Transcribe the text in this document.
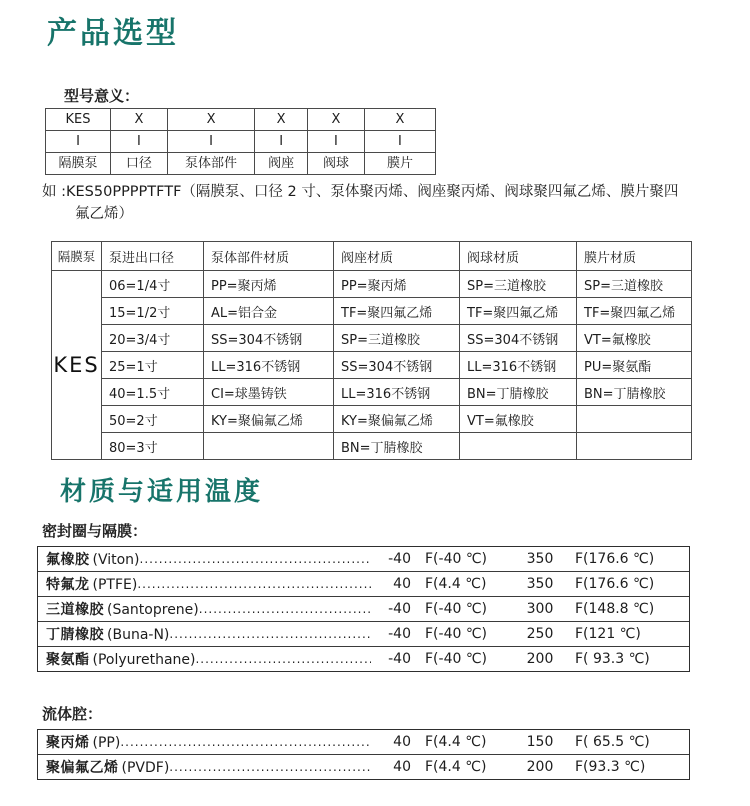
产品选型
型号意义：
KES	X	X	X	X	X
I	I	I	I	I	I
隔膜泵	口径	泵体部件	阀座	阀球	膜片
如 :KES50PPPPTFTF（隔膜泵、口径 2 寸、泵体聚丙烯、阀座聚丙烯、阀球聚四氟乙烯、膜片聚四氟乙烯）
隔膜泵	泵进出口径	泵体部件材质	阀座材质	阀球材质	膜片材质
KES	06=1/4寸	PP=聚丙烯	PP=聚丙烯	SP=三道橡胶	SP=三道橡胶
	15=1/2寸	AL=铝合金	TF=聚四氟乙烯	TF=聚四氟乙烯	TF=聚四氟乙烯
	20=3/4寸	SS=304不锈钢	SP=三道橡胶	SS=304不锈钢	VT=氟橡胶
	25=1寸	LL=316不锈钢	SS=304不锈钢	LL=316不锈钢	PU=聚氨酯
	40=1.5寸	CI=球墨铸铁	LL=316不锈钢	BN=丁腈橡胶	BN=丁腈橡胶
	50=2寸	KY=聚偏氟乙烯	KY=聚偏氟乙烯	VT=氟橡胶	
	80=3寸		BN=丁腈橡胶		
材质与适用温度
密封圈与隔膜：
氟橡胶 (Viton) .....	-40	F(-40 ℃)	350	F(176.6 ℃)
特氟龙 (PTFE) .....	40	F(4.4 ℃)	350	F(176.6 ℃)
三道橡胶 (Santoprene) .....	-40	F(-40 ℃)	300	F(148.8 ℃)
丁腈橡胶 (Buna-N) .....	-40	F(-40 ℃)	250	F(121 ℃)
聚氨酯 (Polyurethane) .....	-40	F(-40 ℃)	200	F( 93.3 ℃)
流体腔：
聚丙烯 (PP) .....	40	F(4.4 ℃)	150	F( 65.5 ℃)
聚偏氟乙烯 (PVDF) .....	40	F(4.4 ℃)	200	F(93.3 ℃)
